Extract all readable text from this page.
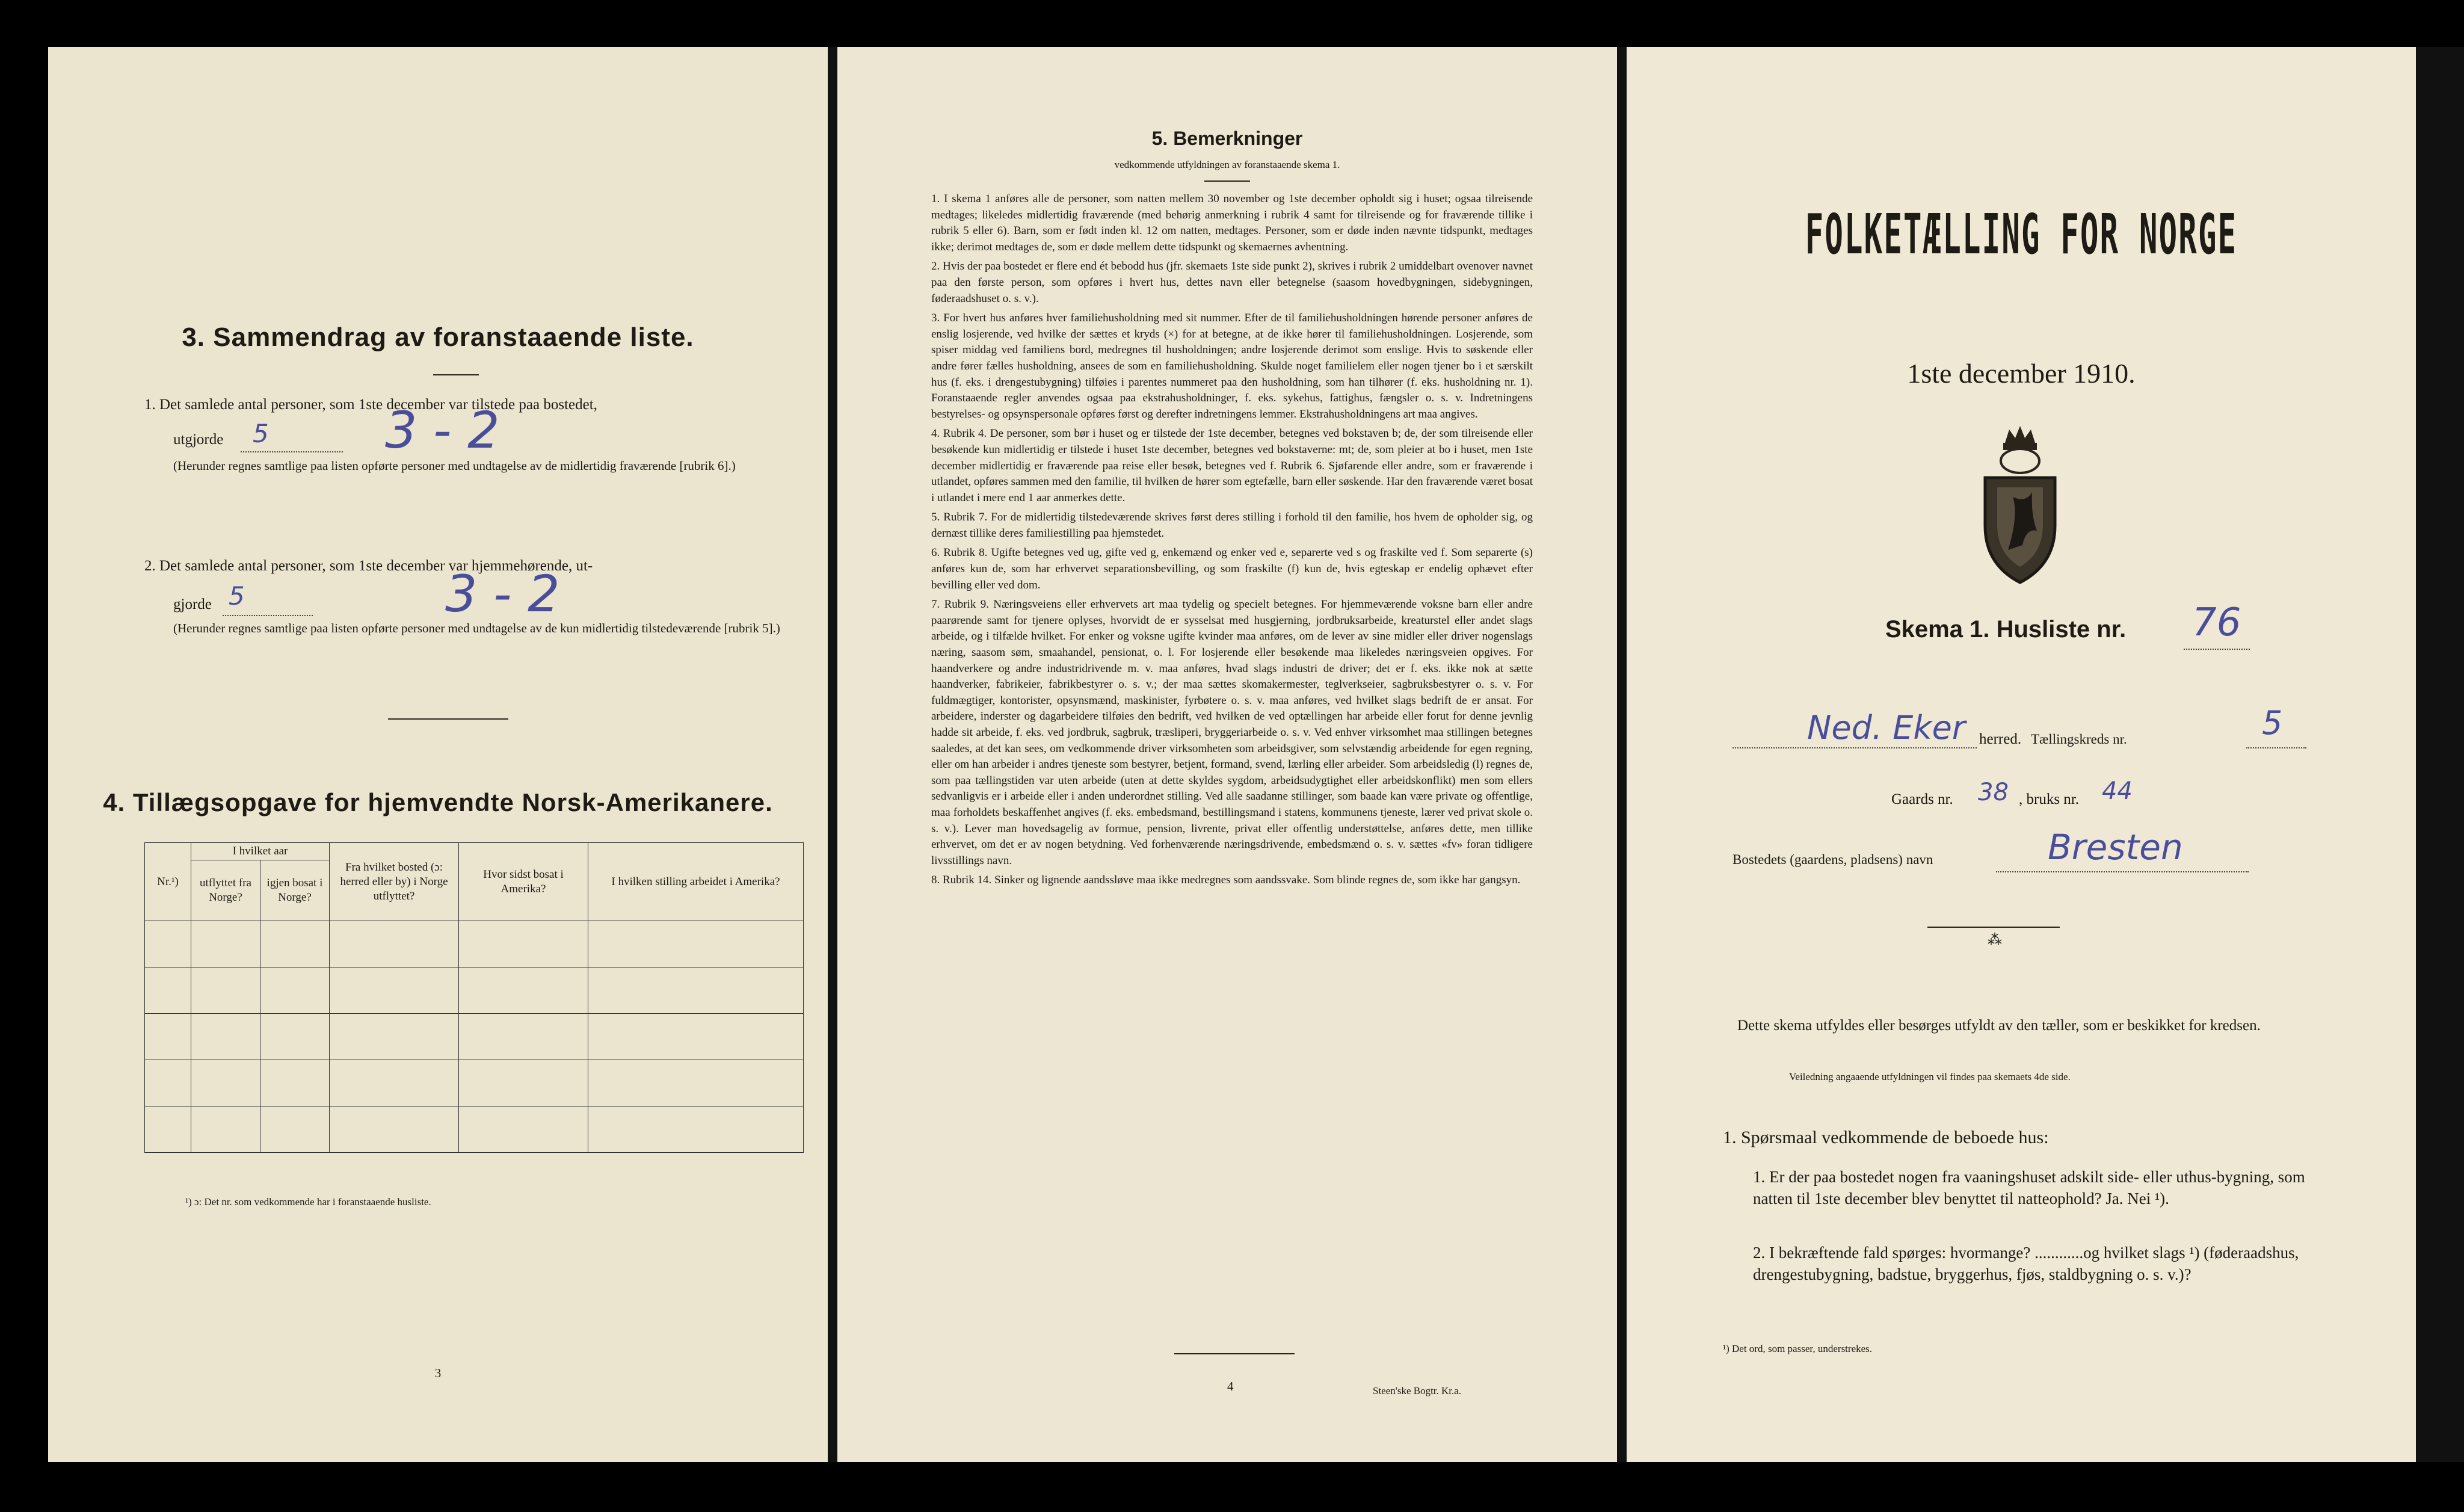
3. Sammendrag av foranstaaende liste.
1. Det samlede antal personer, som 1ste december var tilstede paa bostedet,
utgjorde 5 3 - 2
(Herunder regnes samtlige paa listen opførte personer med undtagelse av de midlertidig fraværende [rubrik 6].)
2. Det samlede antal personer, som 1ste december var hjemmehørende, ut-
gjorde 5	3 - 2
(Herunder regnes samtlige paa listen opførte personer med undtagelse av de kun midlertidig tilstedeværende [rubrik 5].)
4. Tillægsopgave for hjemvendte Norsk-Amerikanere.
Nr.¹)	I hvilket aar		Fra hvilket bosted (ɔ: herred eller by) i Norge utflyttet?	Hvor sidst bosat i Amerika?	I hvilken stilling arbeidet i Amerika?
	utflyttet fra Norge?	igjen bosat i Norge?			

¹) ɔ: Det nr. som vedkommende har i foranstaaende husliste.
3
5. Bemerkninger
vedkommende utfyldningen av foranstaaende skema 1.
1. I skema 1 anføres alle de personer, som natten mellem 30 november og 1ste december opholdt sig i huset; ogsaa tilreisende medtages; likeledes midlertidig fraværende (med behørig anmerkning i rubrik 4 samt for tilreisende og for fraværende tillike i rubrik 5 eller 6). Barn, som er født inden kl. 12 om natten, medtages. Personer, som er døde inden nævnte tidspunkt, medtages ikke; derimot medtages de, som er døde mellem dette tidspunkt og skemaernes avhentning.
2. Hvis der paa bostedet er flere end ét bebodd hus (jfr. skemaets 1ste side punkt 2), skrives i rubrik 2 umiddelbart ovenover navnet paa den første person, som opføres i hvert hus, dettes navn eller betegnelse (saasom hovedbygningen, sidebygningen, føderaadshuset o. s. v.).
3. For hvert hus anføres hver familiehusholdning med sit nummer. Efter de til familiehusholdningen hørende personer anføres de enslig losjerende, ved hvilke der sættes et kryds (×) for at betegne, at de ikke hører til familiehusholdningen. Losjerende, som spiser middag ved familiens bord, medregnes til husholdningen; andre losjerende derimot som enslige. Hvis to søskende eller andre fører fælles husholdning, ansees de som en familiehusholdning. Skulde noget familielem eller nogen tjener bo i et særskilt hus (f. eks. i drengestubygning) tilføies i parentes nummeret paa den husholdning, som han tilhører (f. eks. husholdning nr. 1). Foranstaaende regler anvendes ogsaa paa ekstrahusholdninger, f. eks. sykehus, fattighus, fængsler o. s. v. Indretningens bestyrelses- og opsynspersonale opføres først og derefter indretningens lemmer. Ekstrahusholdningens art maa angives.
4. Rubrik 4. De personer, som bør i huset og er tilstede der 1ste december, betegnes ved bokstaven b; de, der som tilreisende eller besøkende kun midlertidig er tilstede i huset 1ste december, betegnes ved bokstaverne: mt; de, som pleier at bo i huset, men 1ste december midlertidig er fraværende paa reise eller besøk, betegnes ved f. Rubrik 6. Sjøfarende eller andre, som er fraværende i utlandet, opføres sammen med den familie, til hvilken de hører som egtefælle, barn eller søskende. Har den fraværende været bosat i utlandet i mere end 1 aar anmerkes dette.
5. Rubrik 7. For de midlertidig tilstedeværende skrives først deres stilling i forhold til den familie, hos hvem de opholder sig, og dernæst tillike deres familiestilling paa hjemstedet.
6. Rubrik 8. Ugifte betegnes ved ug, gifte ved g, enkemænd og enker ved e, separerte ved s og fraskilte ved f. Som separerte (s) anføres kun de, som har erhvervet separationsbevilling, og som fraskilte (f) kun de, hvis egteskap er endelig ophævet efter bevilling eller ved dom.
7. Rubrik 9. Næringsveiens eller erhvervets art maa tydelig og specielt betegnes. For hjemmeværende voksne barn eller andre paarørende samt for tjenere oplyses, hvorvidt de er sysselsat med husgjerning, jordbruksarbeide, kreaturstel eller andet slags arbeide, og i tilfælde hvilket. For enker og voksne ugifte kvinder maa anføres, om de lever av sine midler eller driver nogenslags næring, saasom søm, smaahandel, pensionat, o. l. For losjerende eller besøkende maa likeledes næringsveien opgives. For haandverkere og andre industridrivende m. v. maa anføres, hvad slags industri de driver; det er f. eks. ikke nok at sætte haandverker, fabrikeier, fabrikbestyrer o. s. v.; der maa sættes skomakermester, teglverkseier, sagbruksbestyrer o. s. v. For fuldmægtiger, kontorister, opsynsmænd, maskinister, fyrbøtere o. s. v. maa anføres, ved hvilket slags bedrift de er ansat. For arbeidere, inderster og dagarbeidere tilføies den bedrift, ved hvilken de ved optællingen har arbeide eller forut for denne jevnlig hadde sit arbeide, f. eks. ved jordbruk, sagbruk, træsliperi, bryggeriarbeide o. s. v. Ved enhver virksomhet maa stillingen betegnes saaledes, at det kan sees, om vedkommende driver virksomheten som arbeidsgiver, som selvstændig arbeidende for egen regning, eller om han arbeider i andres tjeneste som bestyrer, betjent, formand, svend, lærling eller arbeider. Som arbeidsledig (l) regnes de, som paa tællingstiden var uten arbeide (uten at dette skyldes sygdom, arbeidsudygtighet eller arbeidskonflikt) men som ellers sedvanligvis er i arbeide eller i anden underordnet stilling. Ved alle saadanne stillinger, som baade kan være private og offentlige, maa forholdets beskaffenhet angives (f. eks. embedsmand, bestillingsmand i statens, kommunens tjeneste, lærer ved privat skole o. s. v.). Lever man hovedsagelig av formue, pension, livrente, privat eller offentlig understøttelse, anføres dette, men tillike erhvervet, om det er av nogen betydning. Ved forhenværende næringsdrivende, embedsmænd o. s. v. sættes «fv» foran tidligere livsstillings navn.
8. Rubrik 14. Sinker og lignende aandssløve maa ikke medregnes som aandssvake. Som blinde regnes de, som ikke har gangsyn.
4	Steen'ske Bogtr. Kr.a.
FOLKETÆLLING FOR NORGE
1ste december 1910.
Skema 1. Husliste nr. 76
Ned. Eker herred. Tællingskreds nr.	5
Gaards nr. 38 , bruks nr. 44
Bostedets (gaardens, pladsens) navn	Bresten
⁂
Dette skema utfyldes eller besørges utfyldt av den tæller, som er beskikket for kredsen.
Veiledning angaaende utfyldningen vil findes paa skemaets 4de side.
1. Spørsmaal vedkommende de beboede hus:
1. Er der paa bostedet nogen fra vaaningshuset adskilt side- eller uthus-bygning, som natten til 1ste december blev benyttet til natteophold? Ja. Nei ¹).
2. I bekræftende fald spørges: hvormange? ............og hvilket slags ¹) (føderaadshus, drengestubygning, badstue, bryggerhus, fjøs, staldbygning o. s. v.)?
¹) Det ord, som passer, understrekes.
